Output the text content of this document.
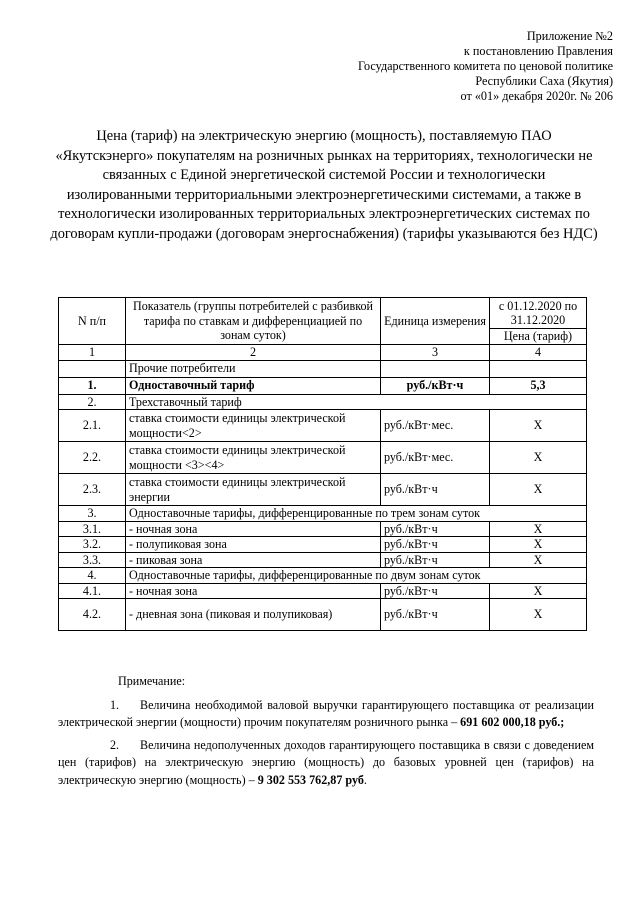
Приложение №2
к постановлению Правления
Государственного комитета по ценовой политике
Республики Саха (Якутия)
от «01» декабря 2020г. № 206
Цена (тариф) на электрическую энергию (мощность), поставляемую ПАО «Якутскэнерго» покупателям на розничных рынках на территориях, технологически не связанных с Единой энергетической системой России и технологически изолированными территориальными электроэнергетическими системами, а также в технологически изолированных территориальных электроэнергетических системах по договорам купли-продажи (договорам энергоснабжения) (тарифы указываются без НДС)
N п/п	Показатель (группы потребителей с разбивкой тарифа по ставкам и дифференциацией по зонам суток)	Единица измерения	с 01.12.2020 по 31.12.2020
			Цена (тариф)
1	2	3	4
	Прочие потребители		
1.	Одноставочный тариф	руб./кВт·ч	5,3
2.	Трехставочный тариф		
2.1.	ставка стоимости единицы электрической мощности<2>	руб./кВт·мес.	X
2.2.	ставка стоимости единицы электрической мощности <3><4>	руб./кВт·мес.	X
2.3.	ставка стоимости единицы электрической энергии	руб./кВт·ч	X
3.	Одноставочные тарифы, дифференцированные по трем зонам суток		
3.1.	- ночная зона	руб./кВт·ч	X
3.2.	- полупиковая зона	руб./кВт·ч	X
3.3.	- пиковая зона	руб./кВт·ч	X
4.	Одноставочные тарифы, дифференцированные по двум зонам суток		
4.1.	- ночная зона	руб./кВт·ч	X
4.2.	- дневная зона (пиковая и полупиковая)	руб./кВт·ч	X
Примечание:
1. Величина необходимой валовой выручки гарантирующего поставщика от реализации электрической энергии (мощности) прочим покупателям розничного рынка – 691 602 000,18 руб.;
2. Величина недополученных доходов гарантирующего поставщика в связи с доведением цен (тарифов) на электрическую энергию (мощность) до базовых уровней цен (тарифов) на электрическую энергию (мощность) – 9 302 553 762,87 руб.
